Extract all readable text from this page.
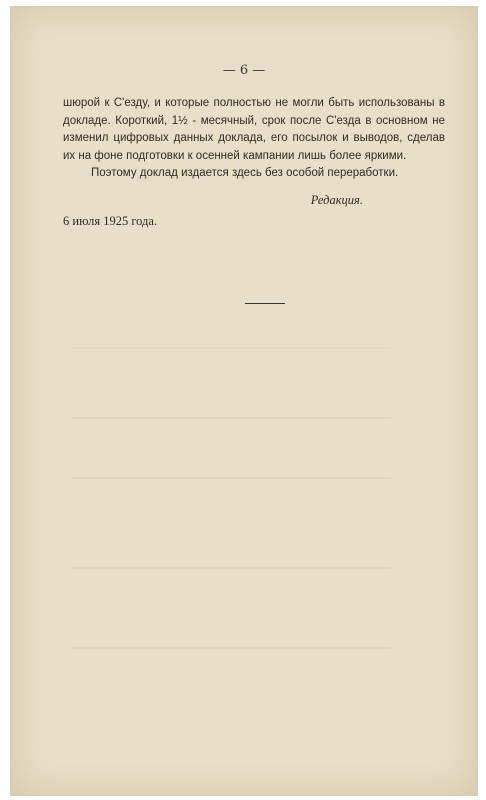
— 6 —

шюрой к С'езду, и которые полностью не могли быть использованы в докладе. Короткий, 1½ - месячный, срок после С'езда в основном не изменил цифровых данных доклада, его посылок и выводов, сделав их на фоне подготовки к осенней кампании лишь более яркими.

Поэтому доклад издается здесь без особой переработки.

Редакция.

6 июля 1925 года.
